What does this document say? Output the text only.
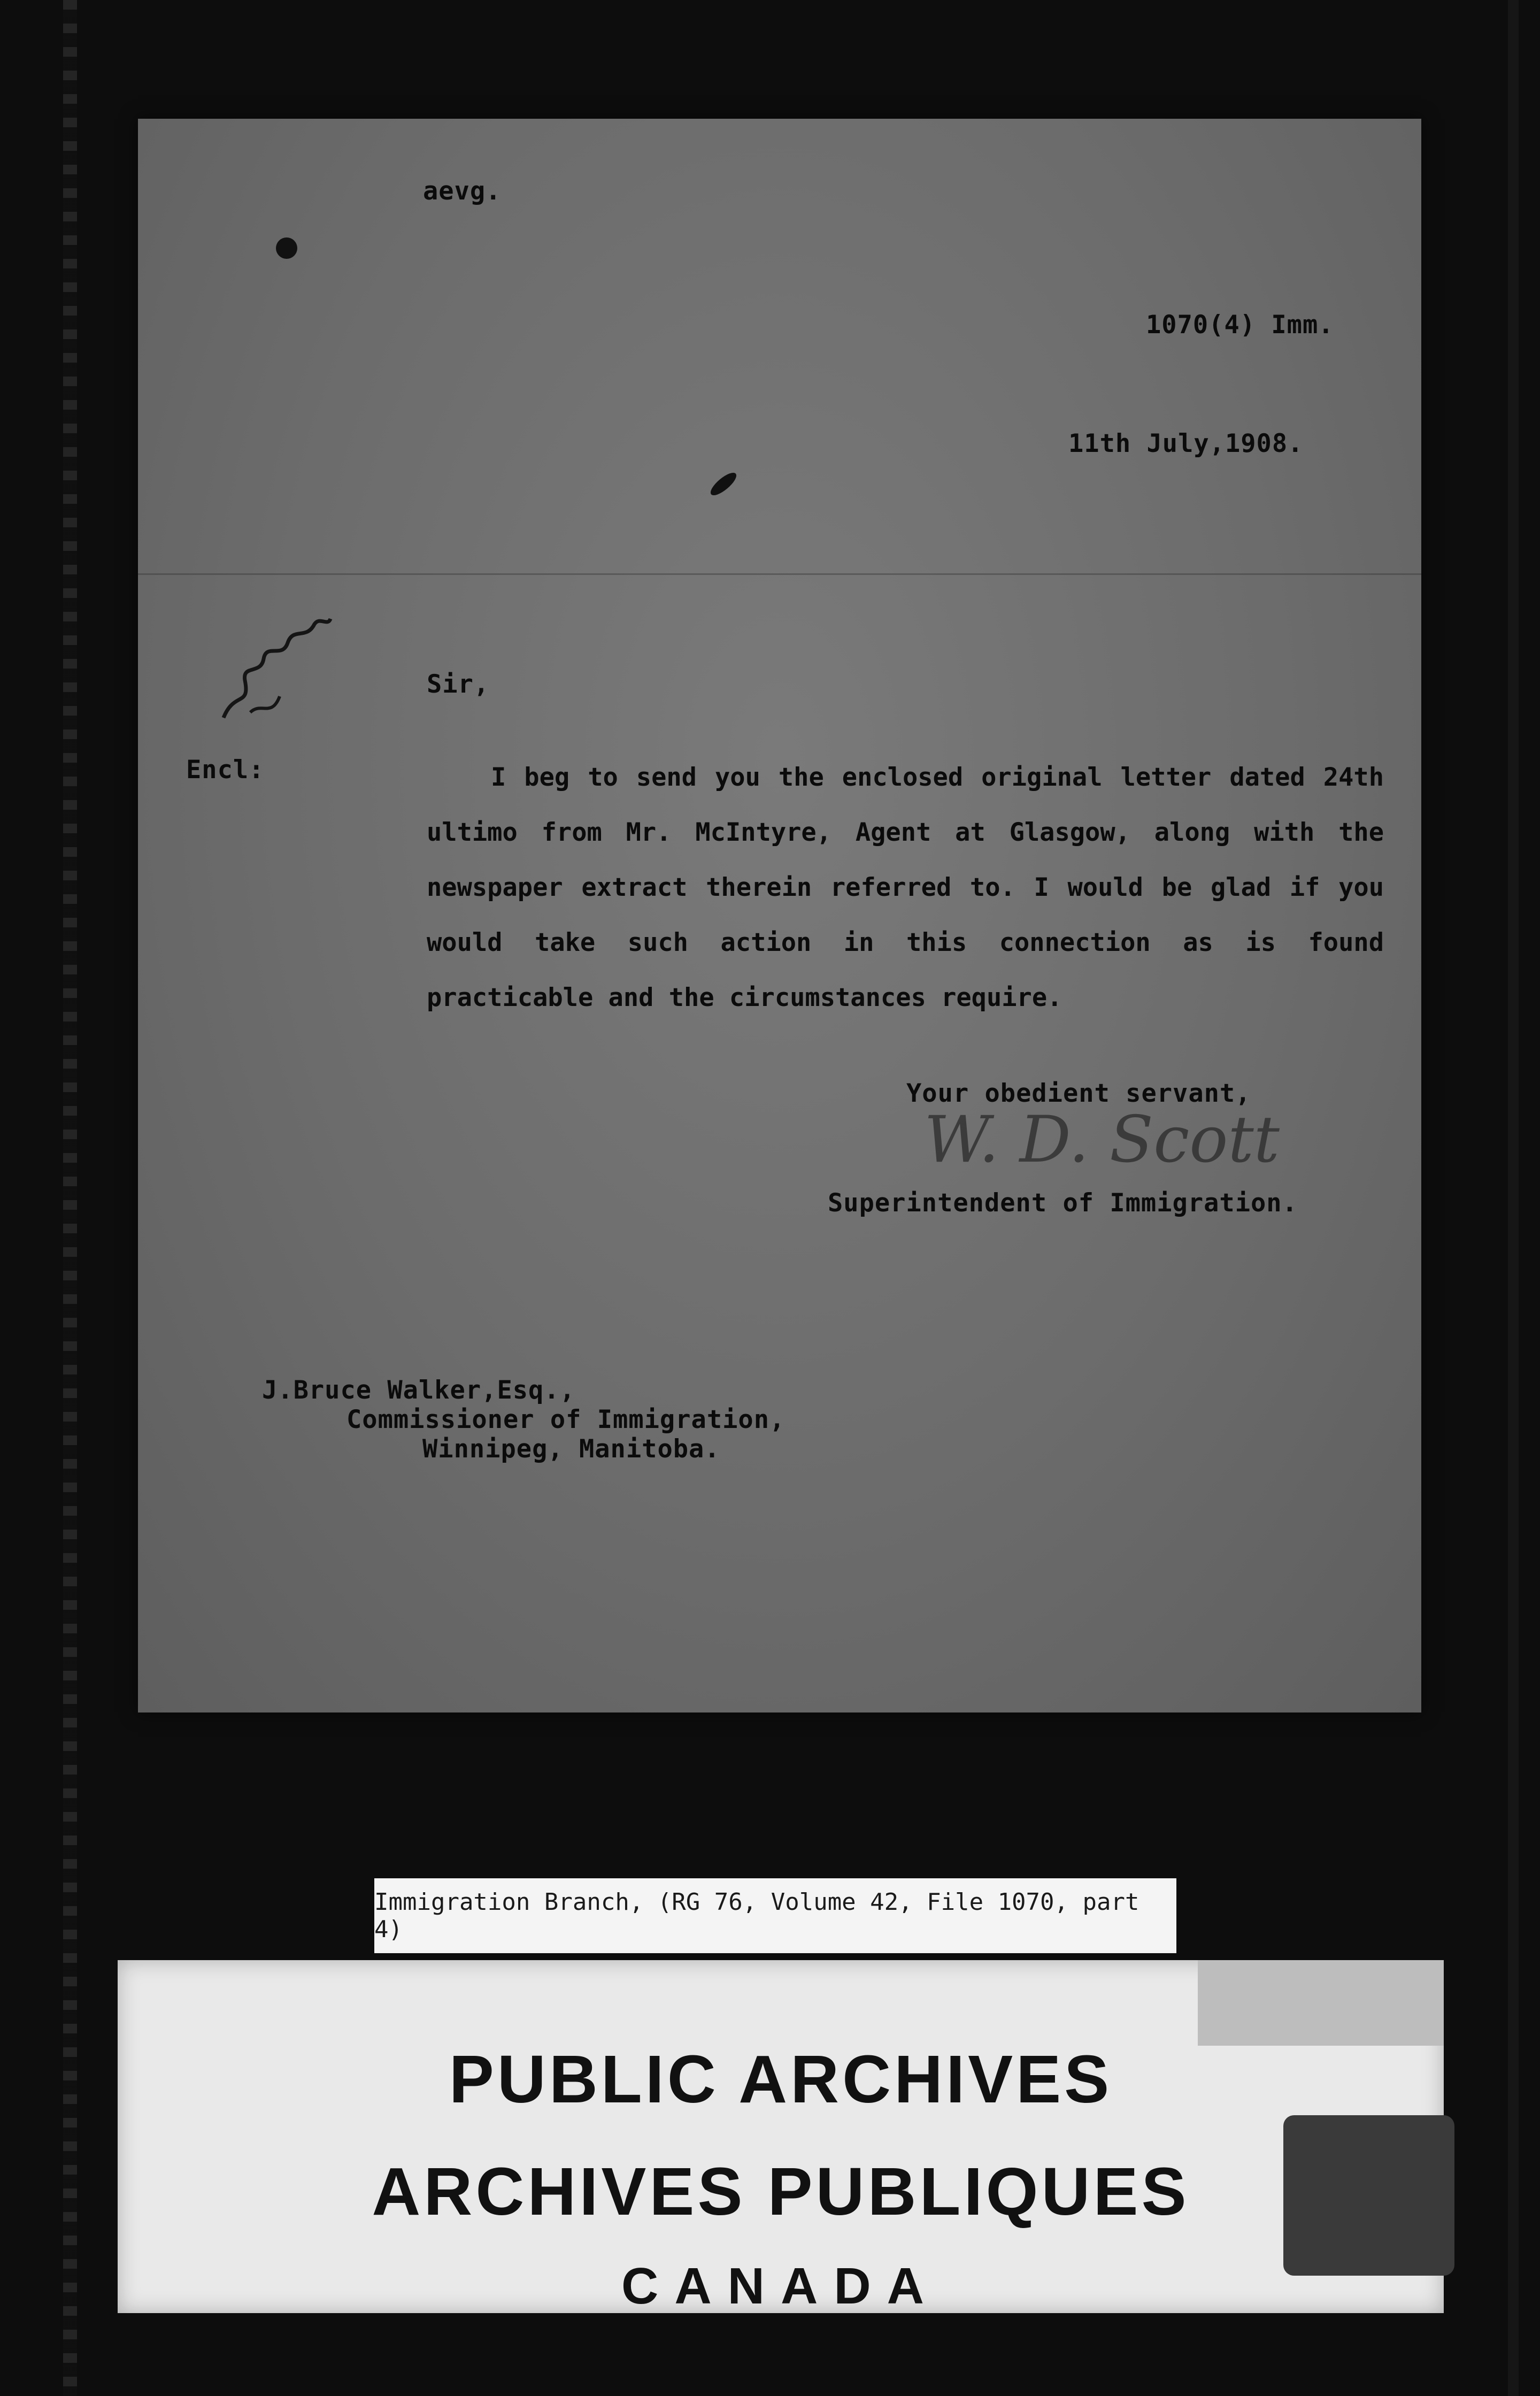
aevg.
1070(4) Imm.
11th July,1908.
Sir,
Encl:	I beg to send you the enclosed original letter dated 24th ultimo from Mr. McIntyre, Agent at Glasgow, along with the newspaper extract therein referred to. I would be glad if you would take such action in this connection as is found practicable and the circumstances require.

Your obedient servant,
W. D. Scott
Superintendent of Immigration.
J.Bruce Walker,Esq.,
Commissioner of Immigration,
Winnipeg, Manitoba.
Immigration Branch, (RG 76, Volume 42, File 1070, part 4)

PUBLIC ARCHIVES

ARCHIVES PUBLIQUES

CANADA
